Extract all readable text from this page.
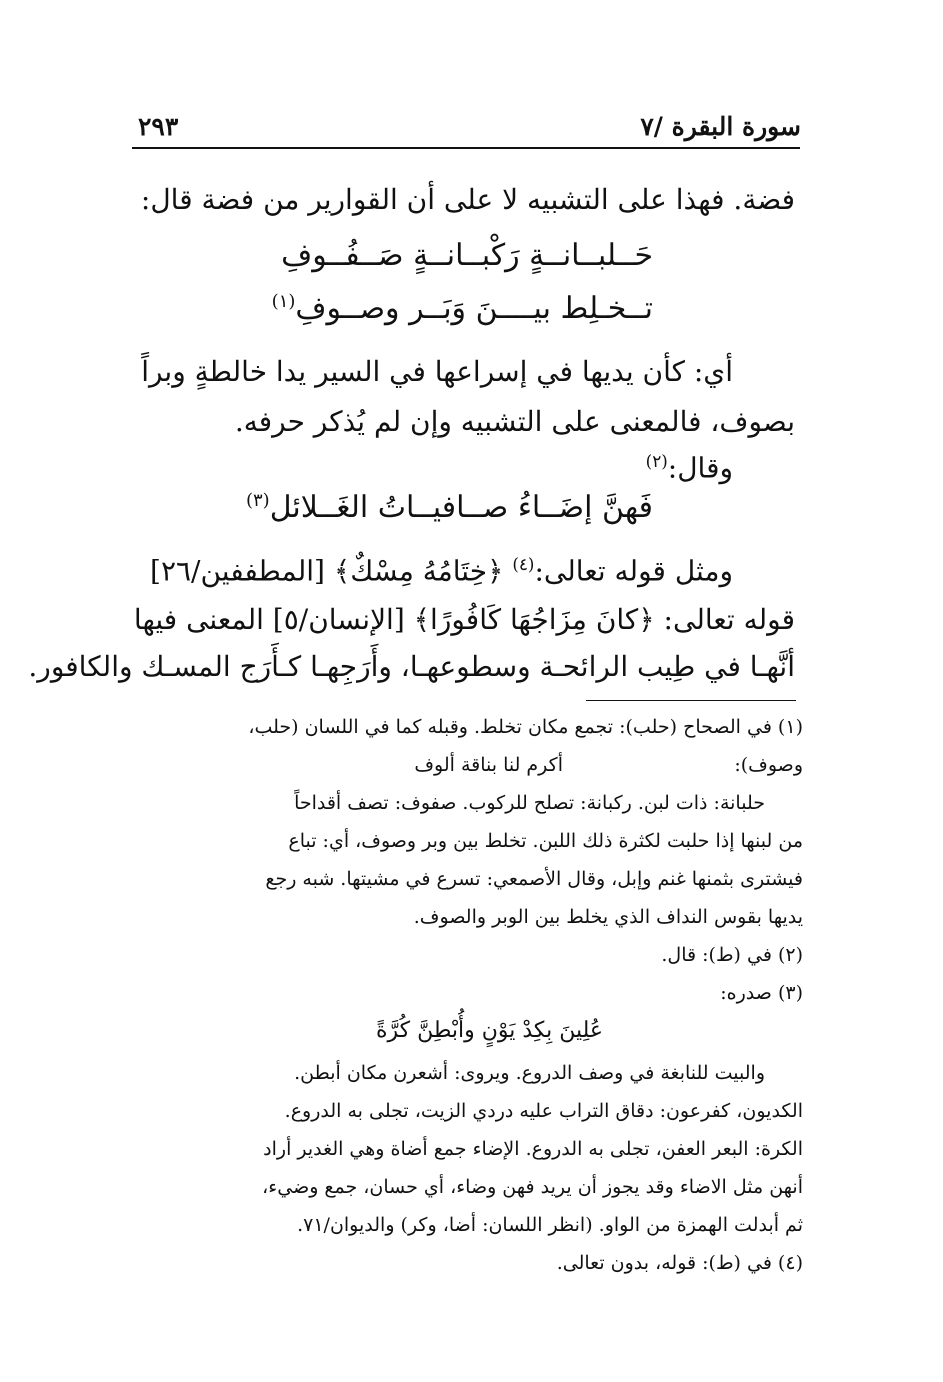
سورة البقرة /٧
٢٩٣
فضة. فهذا على التشبيه لا على أن القوارير من فضة قال:
حَــلبــانــةٍ رَكْبــانــةٍ صَــفُــوفِ
تــخـلِط بيــــنَ وَبَــر وصــوفِ$^{(١)}$
أي: كأن يديها في إسراعها في السير يدا خالطةٍ وبراً
بصوف، فالمعنى على التشبيه وإن لم يُذكر حرفه.
وقال:$^{(٢)}$
فَهنَّ إضَــاءُ صــافيــاتُ الغَــلائل$^{(٣)}$
ومثل قوله تعالى:$^{(٤)}$ ﴿خِتَامُهُ مِسْكٌ﴾ [المطففين/٢٦]
قوله تعالى: ﴿كانَ مِزَاجُهَا كَافُورًا﴾ [الإنسان/٥] المعنى فيها
أنَّهـا في طِيب الرائحـة وسطوعهـا، وأَرَجِهـا كـأَرَج المسـك والكافور.
(١) في الصحاح (حلب): تجمع مكان تخلط. وقبله كما في اللسان (حلب،
وصوف):
أكرم لنا بناقة ألوف
حلبانة: ذات لبن. ركبانة: تصلح للركوب. صفوف: تصف أقداحاً
من لبنها إذا حلبت لكثرة ذلك اللبن. تخلط بين وبر وصوف، أي: تباع
فيشترى بثمنها غنم وإبل، وقال الأصمعي: تسرع في مشيتها. شبه رجع
يديها بقوس النداف الذي يخلط بين الوبر والصوف.
(٢) في (ط): قال.
(٣) صدره:
عُلِينَ بِكِدْ يَوْنٍ وأُبْطِنَّ كُرَّةً
والبيت للنابغة في وصف الدروع. ويروى: أشعرن مكان أبطن.
الكديون، كفرعون: دقاق التراب عليه دردي الزيت، تجلى به الدروع.
الكرة: البعر العفن، تجلى به الدروع. الإضاء جمع أضاة وهي الغدير أراد
أنهن مثل الاضاء وقد يجوز أن يريد فهن وضاء، أي حسان، جمع وضيء،
ثم أبدلت الهمزة من الواو. (انظر اللسان: أضا، وكر) والديوان/٧١.
(٤) في (ط): قوله، بدون تعالى.
